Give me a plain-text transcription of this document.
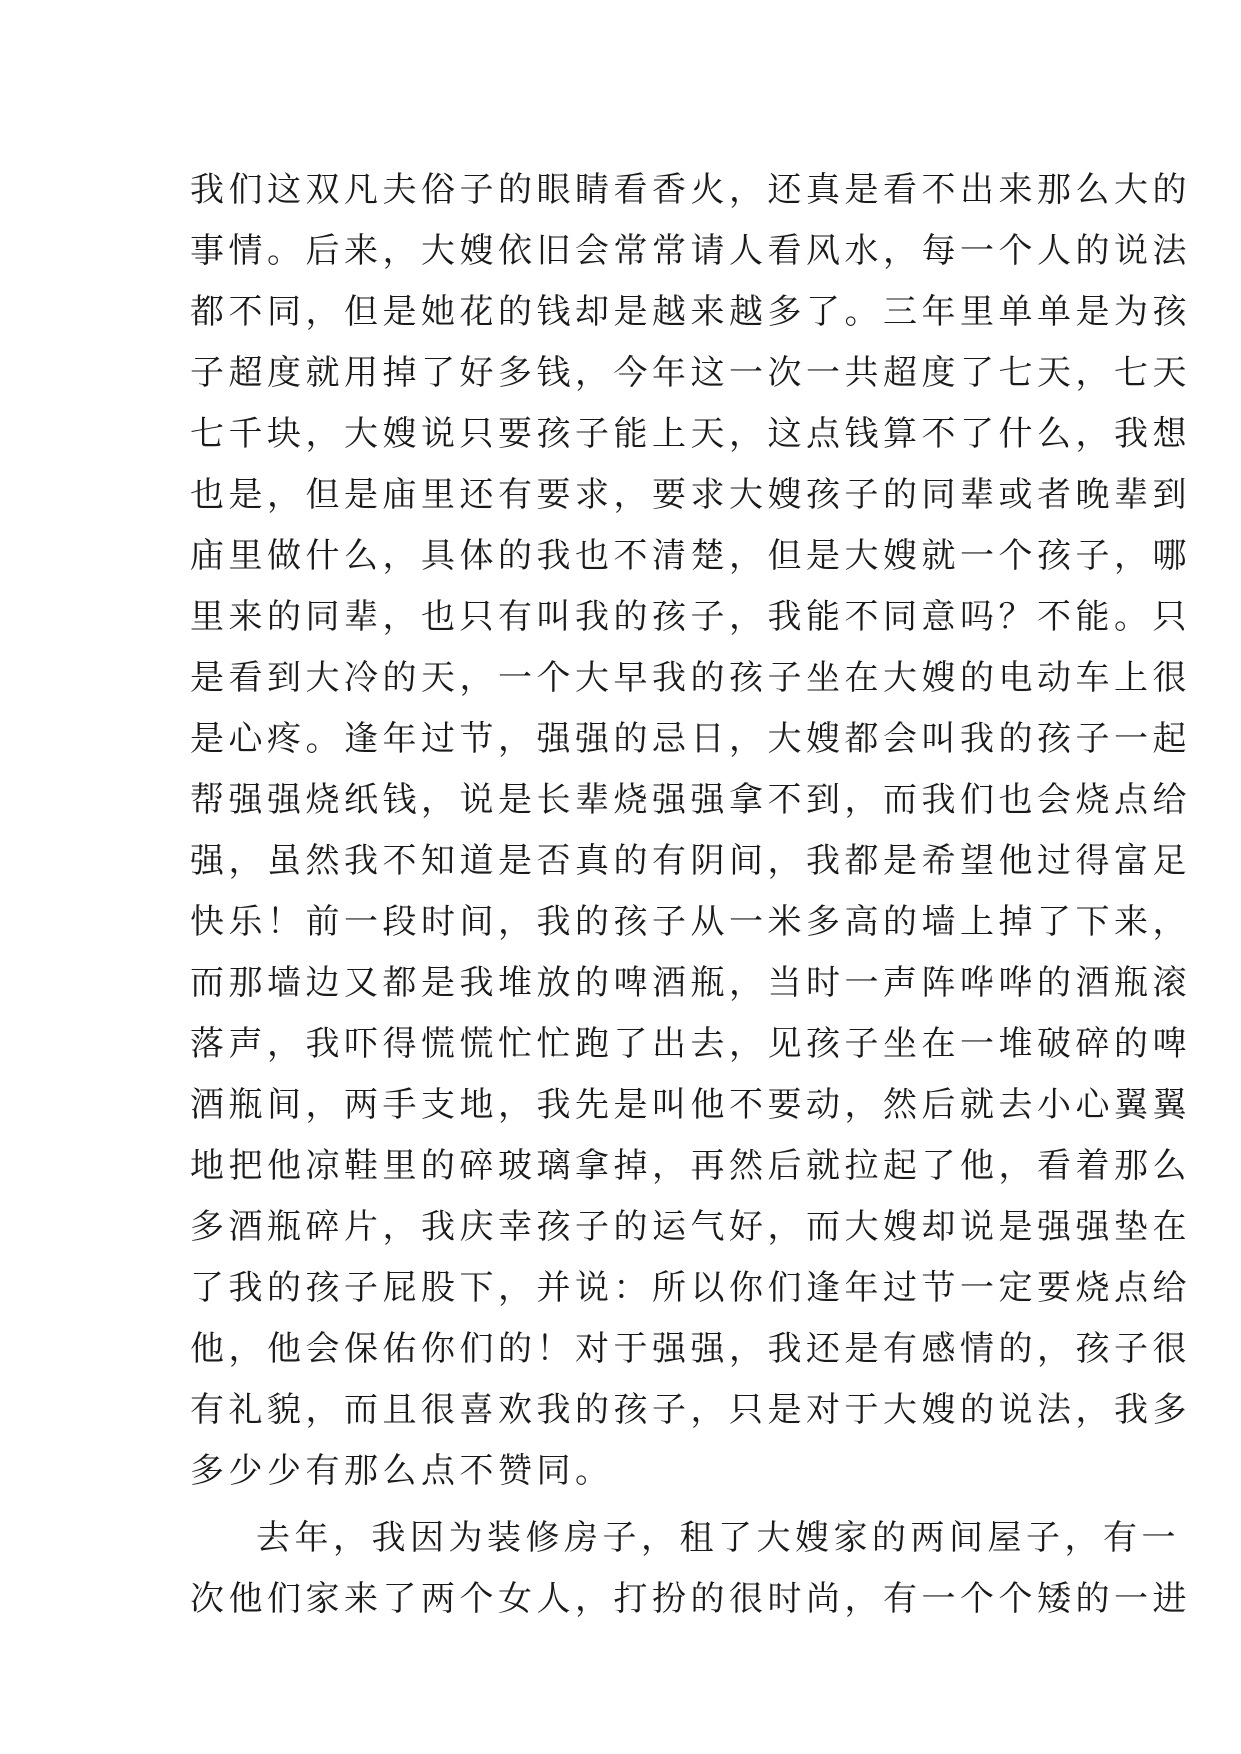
我们这双凡夫俗子的眼睛看香火，还真是看不出来那么大的
事情。后来，大嫂依旧会常常请人看风水，每一个人的说法
都不同，但是她花的钱却是越来越多了。三年里单单是为孩
子超度就用掉了好多钱，今年这一次一共超度了七天，七天
七千块，大嫂说只要孩子能上天，这点钱算不了什么，我想
也是，但是庙里还有要求，要求大嫂孩子的同辈或者晚辈到
庙里做什么，具体的我也不清楚，但是大嫂就一个孩子，哪
里来的同辈，也只有叫我的孩子，我能不同意吗？不能。只
是看到大冷的天，一个大早我的孩子坐在大嫂的电动车上很
是心疼。逢年过节，强强的忌日，大嫂都会叫我的孩子一起
帮强强烧纸钱，说是长辈烧强强拿不到，而我们也会烧点给
强，虽然我不知道是否真的有阴间，我都是希望他过得富足
快乐！前一段时间，我的孩子从一米多高的墙上掉了下来，
而那墙边又都是我堆放的啤酒瓶，当时一声阵哗哗的酒瓶滚
落声，我吓得慌慌忙忙跑了出去，见孩子坐在一堆破碎的啤
酒瓶间，两手支地，我先是叫他不要动，然后就去小心翼翼
地把他凉鞋里的碎玻璃拿掉，再然后就拉起了他，看着那么
多酒瓶碎片，我庆幸孩子的运气好，而大嫂却说是强强垫在
了我的孩子屁股下，并说：所以你们逢年过节一定要烧点给
他，他会保佑你们的！对于强强，我还是有感情的，孩子很
有礼貌，而且很喜欢我的孩子，只是对于大嫂的说法，我多
多少少有那么点不赞同。
去年，我因为装修房子，租了大嫂家的两间屋子，有一
次他们家来了两个女人，打扮的很时尚，有一个个矮的一进
